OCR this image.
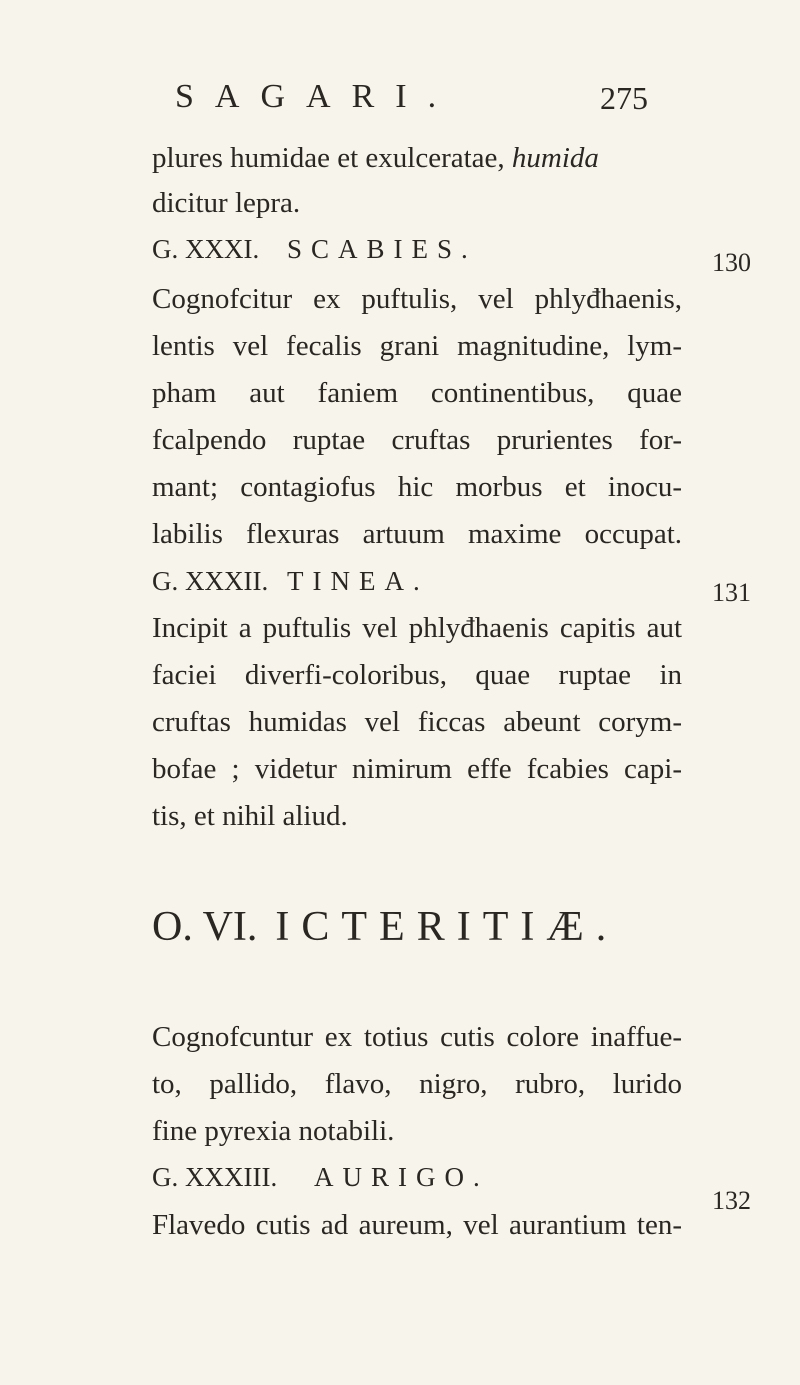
SAGARI.	275
plures humidae et exulceratae, humida
dicitur lepra.
G. XXXI. SCABIES.	130
Cognofcitur ex puftulis, vel phlyđhaenis,
lentis vel fecalis grani magnitudine, lym-
pham aut faniem continentibus, quae
fcalpendo ruptae cruftas prurientes for-
mant; contagiofus hic morbus et inocu-
labilis flexuras artuum maxime occupat.
G. XXXII. TINEA.	131
Incipit a puftulis vel phlyđhaenis capitis aut
faciei diverfi-coloribus, quae ruptae in
cruftas humidas vel ficcas abeunt corym-
bofae ; videtur nimirum effe fcabies capi-
tis, et nihil aliud.
O. VI. ICTERITIÆ.
Cognofcuntur ex totius cutis colore inaffue-
to, pallido, flavo, nigro, rubro, lurido
fine pyrexia notabili.
G. XXXIII. AURIGO.
132
Flavedo cutis ad aureum, vel aurantium ten-
